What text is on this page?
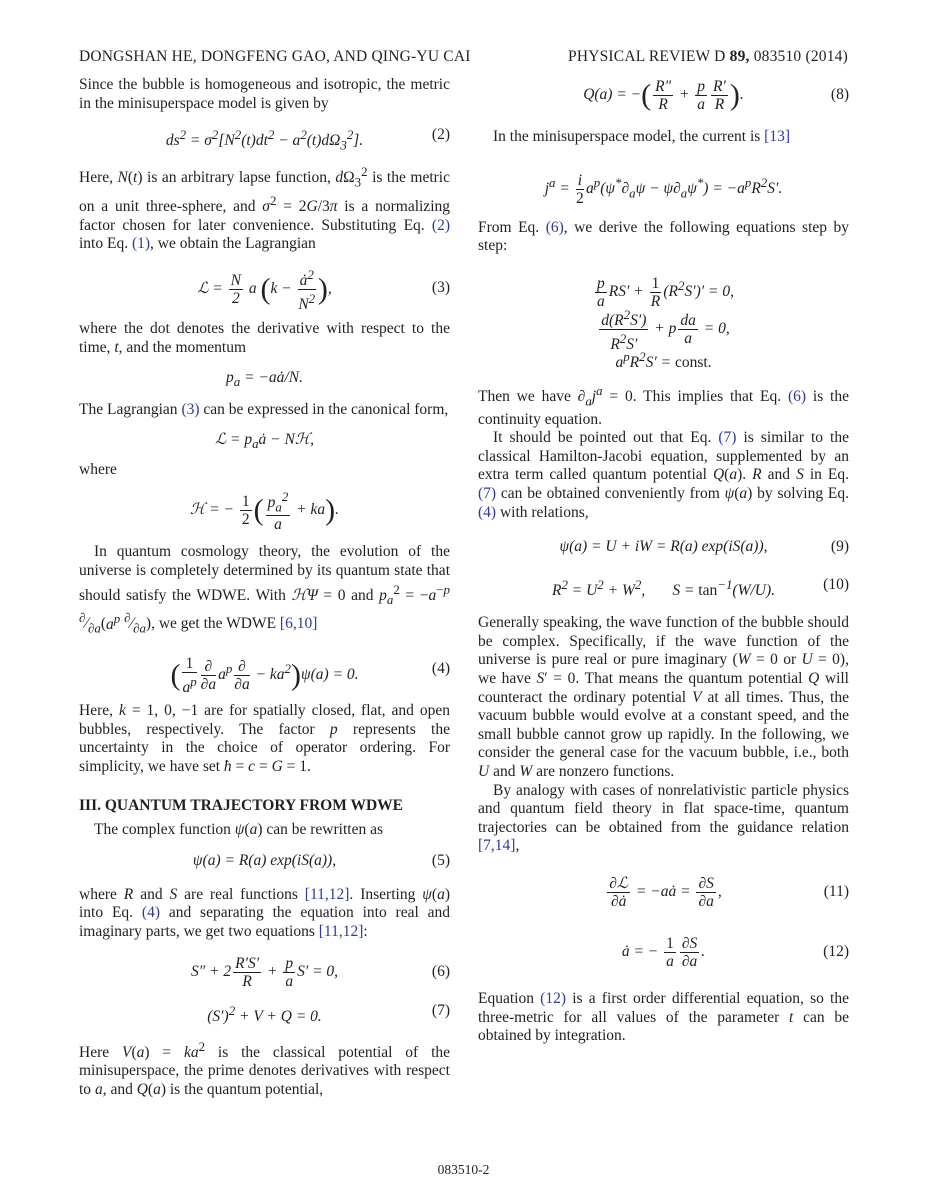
DONGSHAN HE, DONGFENG GAO, AND QING-YU CAI	PHYSICAL REVIEW D 89, 083510 (2014)

Since the bubble is homogeneous and isotropic, the metric in the minisuperspace model is given by

$ds^2 = \sigma^2[N^2(t)dt^2 - a^2(t)d\Omega_3^2]$.	(2)

Here, N(t) is an arbitrary lapse function, $d\Omega_3^2$ is the metric on a unit three-sphere, and $\sigma^2 = 2G/3\pi$ is a normalizing factor chosen for later convenience. Substituting Eq. (2) into Eq. (1), we obtain the Lagrangian

ℒ = $\frac{N}{2}$ a ($k - \frac{ȧ^2}{N^2}$ ),	(3)

where the dot denotes the derivative with respect to the time, t, and the momentum

$p_a$ = −aȧ/N.

The Lagrangian (3) can be expressed in the canonical form,

ℒ = $p_aȧ$ − Nℋ,

where

ℋ = − $\frac{1}{2}$ ( $\frac{p_a^2}{a} + ka$).

In quantum cosmology theory, the evolution of the universe is completely determined by its quantum state that should satisfy the WDWE. With ℋΨ = 0 and $p_a^2 = -a^{-p}$ $^\partial⁄_{\partial a}(a^p$ $^\partial⁄_{\partial a}$), we get the WDWE [6,10]

( $\frac{1}{a^p} \frac{\partial}{\partial a} a^p \frac{\partial}{\partial a} - ka^2)\psi(a) = 0$.	(4)

Here, k = 1, 0, −1 are for spatially closed, flat, and open bubbles, respectively. The factor p represents the uncertainty in the choice of operator ordering. For simplicity, we have set ħ = c = G = 1.

III. QUANTUM TRAJECTORY FROM WDWE

The complex function ψ(a) can be rewritten as

ψ(a) = R(a) exp(iS(a)),	(5)

where R and S are real functions [11,12]. Inserting ψ(a) into Eq. (4) and separating the equation into real and imaginary parts, we get two equations [11,12]:

$S'' + 2 \frac{R'S'}{R} + \frac{p}{a} S' = 0$,	(6)
$(S')^2 + V + Q = 0$.	(7)

Here $V(a) = ka^2$ is the classical potential of the minisuperspace, the prime denotes derivatives with respect to a, and Q(a) is the quantum potential,

Q(a) = −( $\frac{R''}{R} + \frac{p}{a} \frac{R'}{R}$ ).	(8)

In the minisuperspace model, the current is [13]

$j^a = \frac{i}{2} a^p(\psi^*\partial_a\psi - \psi\partial_a\psi^*) = -a^pR^2S'$.

From Eq. (6), we derive the following equations step by step:

$\frac{p}{a} RS' + \frac{1}{R} (R^2S')' = 0$,
$\frac{d(R^2S')}{R^2S'} + p \frac{da}{a} = 0$,
$a^pR^2S'$ = const.

Then we have $\partial_aj^a = 0$. This implies that Eq. (6) is the continuity equation.

It should be pointed out that Eq. (7) is similar to the classical Hamilton-Jacobi equation, supplemented by an extra term called quantum potential Q(a). R and S in Eq. (7) can be obtained conveniently from ψ(a) by solving Eq. (4) with relations,

ψ(a) = U + iW = R(a) exp(iS(a)),	(9)
$R^2 = U^2 + W^2$,       $S = \tan^{-1}(W/U)$.	(10)

Generally speaking, the wave function of the bubble should be complex. Specifically, if the wave function of the universe is pure real or pure imaginary (W = 0 or U = 0), we have S′ = 0. That means the quantum potential Q will counteract the ordinary potential V at all times. Thus, the vacuum bubble would evolve at a constant speed, and the small bubble cannot grow up rapidly. In the following, we consider the general case for the vacuum bubble, i.e., both U and W are nonzero functions.

By analogy with cases of nonrelativistic particle physics and quantum field theory in flat space-time, quantum trajectories can be obtained from the guidance relation [7,14],

$\frac{\text{∂ℒ}}{\partial ȧ}$ = −aȧ = $\frac{\partial S}{\partial a}$ ,	(11)
ȧ = − $\frac{1}{a} \frac{\partial S}{\partial a}$ .	(12)

Equation (12) is a first order differential equation, so the three-metric for all values of the parameter t can be obtained by integration.

083510-2
